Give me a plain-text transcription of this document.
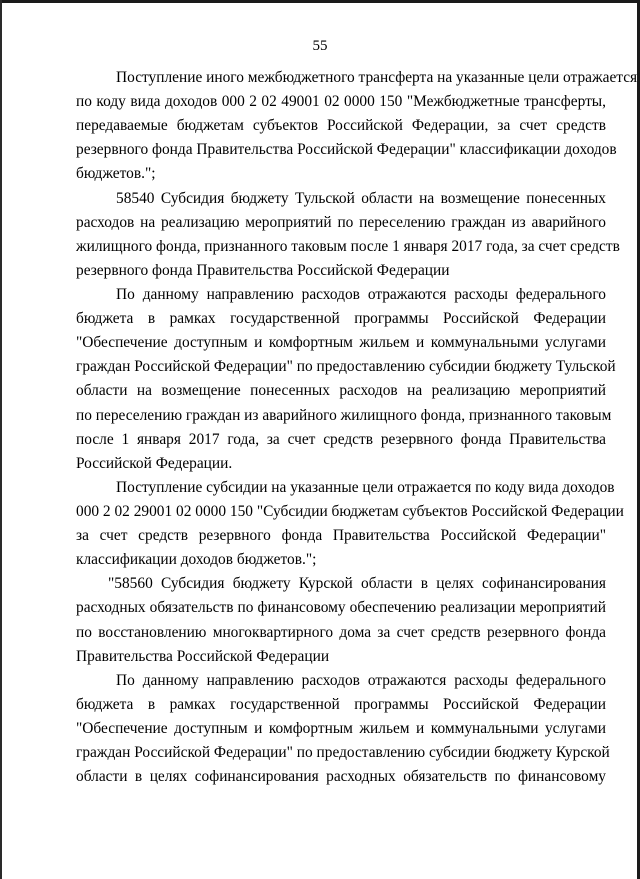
55
Поступление иного межбюджетного трансферта на указанные цели отражается
по коду вида доходов 000 2 02 49001 02 0000 150 "Межбюджетные трансферты,
передаваемые бюджетам субъектов Российской Федерации, за счет средств
резервного фонда Правительства Российской Федерации" классификации доходов
бюджетов.";
58540 Субсидия бюджету Тульской области на возмещение понесенных
расходов на реализацию мероприятий по переселению граждан из аварийного
жилищного фонда, признанного таковым после 1 января 2017 года, за счет средств
резервного фонда Правительства Российской Федерации
По данному направлению расходов отражаются расходы федерального
бюджета в рамках государственной программы Российской Федерации
"Обеспечение доступным и комфортным жильем и коммунальными услугами
граждан Российской Федерации" по предоставлению субсидии бюджету Тульской
области на возмещение понесенных расходов на реализацию мероприятий
по переселению граждан из аварийного жилищного фонда, признанного таковым
после 1 января 2017 года, за счет средств резервного фонда Правительства
Российской Федерации.
Поступление субсидии на указанные цели отражается по коду вида доходов
000 2 02 29001 02 0000 150 "Субсидии бюджетам субъектов Российской Федерации
за счет средств резервного фонда Правительства Российской Федерации"
классификации доходов бюджетов.";
"58560 Субсидия бюджету Курской области в целях софинансирования
расходных обязательств по финансовому обеспечению реализации мероприятий
по восстановлению многоквартирного дома за счет средств резервного фонда
Правительства Российской Федерации
По данному направлению расходов отражаются расходы федерального
бюджета в рамках государственной программы Российской Федерации
"Обеспечение доступным и комфортным жильем и коммунальными услугами
граждан Российской Федерации" по предоставлению субсидии бюджету Курской
области в целях софинансирования расходных обязательств по финансовому
